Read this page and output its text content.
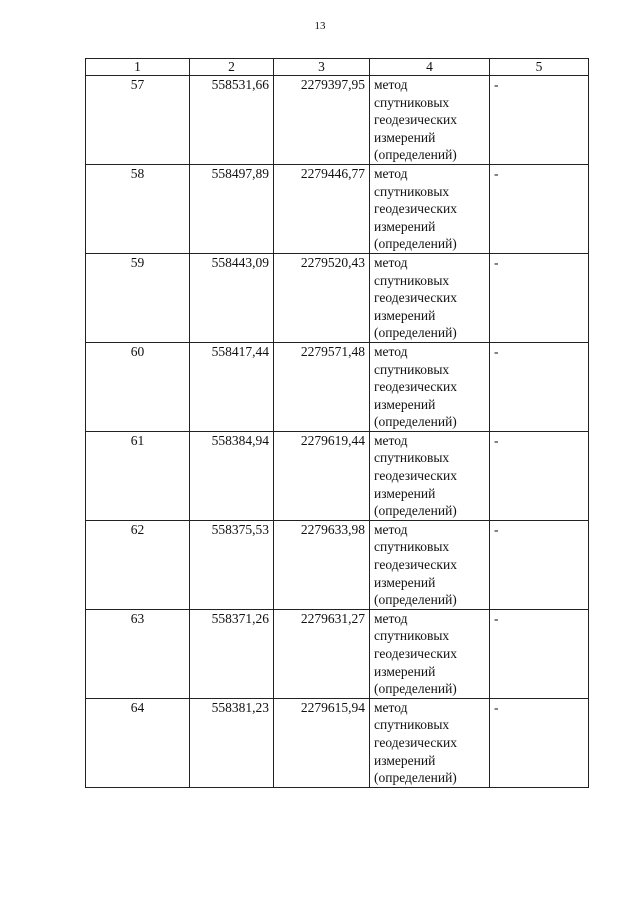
13
1	2	3	4	5
57	558531,66	2279397,95	метод
спутниковых
геодезических
измерений
(определений)	-
58	558497,89	2279446,77	метод
спутниковых
геодезических
измерений
(определений)	-
59	558443,09	2279520,43	метод
спутниковых
геодезических
измерений
(определений)	-
60	558417,44	2279571,48	метод
спутниковых
геодезических
измерений
(определений)	-
61	558384,94	2279619,44	метод
спутниковых
геодезических
измерений
(определений)	-
62	558375,53	2279633,98	метод
спутниковых
геодезических
измерений
(определений)	-
63	558371,26	2279631,27	метод
спутниковых
геодезических
измерений
(определений)	-
64	558381,23	2279615,94	метод
спутниковых
геодезических
измерений
(определений)	-
